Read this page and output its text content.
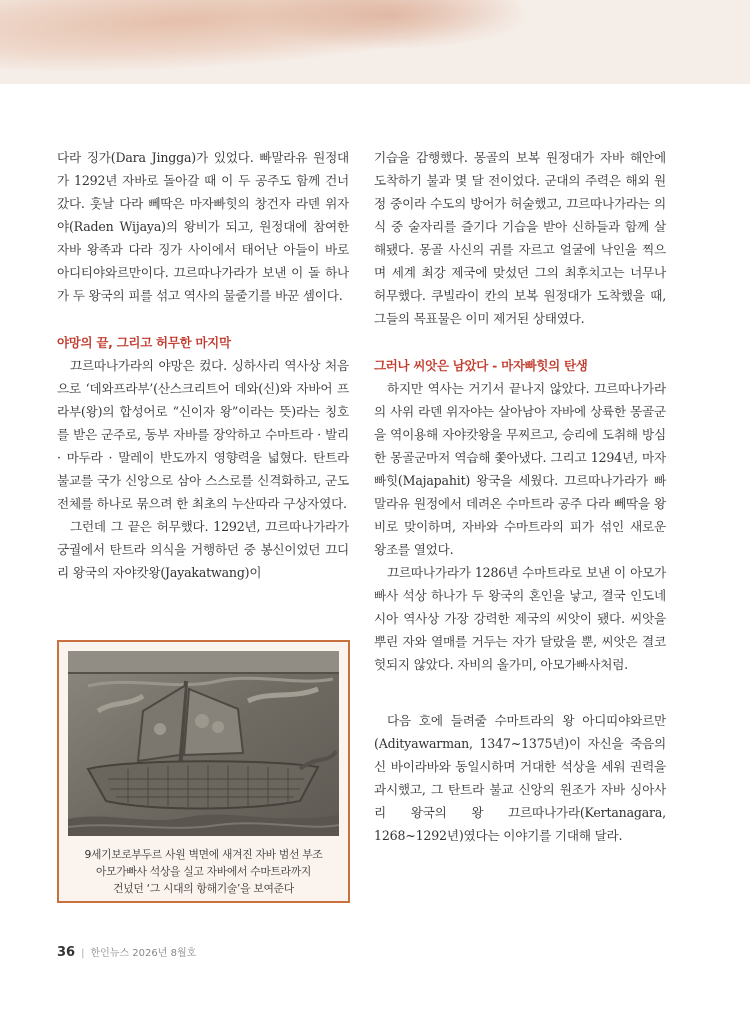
다라 징가(Dara Jingga)가 있었다. 빠말라유 원정대가 1292년 자바로 돌아갈 때 이 두 공주도 함께 건너갔다. 훗날 다라 뻬딱은 마자빠힛의 창건자 라덴 위자야(Raden Wijaya)의 왕비가 되고, 원정대에 참여한 자바 왕족과 다라 징가 사이에서 태어난 아들이 바로 아디티야와르만이다. 끄르따나가라가 보낸 이 돌 하나가 두 왕국의 피를 섞고 역사의 물줄기를 바꾼 셈이다.

야망의 끝, 그리고 허무한 마지막

끄르따나가라의 야망은 컸다. 싱하사리 역사상 처음으로 ‘데와프라부’(산스크리트어 데와(신)와 자바어 프라부(왕)의 합성어로 “신이자 왕”이라는 뜻)라는 칭호를 받은 군주로, 동부 자바를 장악하고 수마트라 · 발리 · 마두라 · 말레이 반도까지 영향력을 넓혔다. 탄트라 불교를 국가 신앙으로 삼아 스스로를 신격화하고, 군도 전체를 하나로 묶으려 한 최초의 누산따라 구상자였다.

그런데 그 끝은 허무했다. 1292년, 끄르따나가라가 궁궐에서 탄트라 의식을 거행하던 중 봉신이었던 끄디리 왕국의 자야캇왕(Jayakatwang)이

9세기보로부두르 사원 벽면에 새겨진 자바 범선 부조
아모가빠사 석상을 실고 자바에서 수마트라까지
건넜던 ‘그 시대의 항해기술’을 보여준다

기습을 감행했다. 몽골의 보복 원정대가 자바 해안에 도착하기 불과 몇 달 전이었다. 군대의 주력은 해외 원정 중이라 수도의 방어가 허술했고, 끄르따나가라는 의식 중 술자리를 즐기다 기습을 받아 신하들과 함께 살해됐다. 몽골 사신의 귀를 자르고 얼굴에 낙인을 찍으며 세계 최강 제국에 맞섰던 그의 최후치고는 너무나 허무했다. 쿠빌라이 칸의 보복 원정대가 도착했을 때, 그들의 목표물은 이미 제거된 상태였다.

그러나 씨앗은 남았다 - 마자빠힛의 탄생

하지만 역사는 거기서 끝나지 않았다. 끄르따나가라의 사위 라덴 위자야는 살아남아 자바에 상륙한 몽골군을 역이용해 자야캇왕을 무찌르고, 승리에 도취해 방심한 몽골군마저 역습해 쫓아냈다. 그리고 1294년, 마자빠힛(Majapahit) 왕국을 세웠다. 끄르따나가라가 빠말라유 원정에서 데려온 수마트라 공주 다라 뻬딱을 왕비로 맞이하며, 자바와 수마트라의 피가 섞인 새로운 왕조를 열었다.

끄르따나가라가 1286년 수마트라로 보낸 이 아모가빠사 석상 하나가 두 왕국의 혼인을 낳고, 결국 인도네시아 역사상 가장 강력한 제국의 씨앗이 됐다. 씨앗을 뿌린 자와 열매를 거두는 자가 달랐을 뿐, 씨앗은 결코 헛되지 않았다. 자비의 올가미, 아모가빠사처럼.

다음 호에 들려줄 수마트라의 왕 아디띠야와르만(Adityawarman, 1347~1375년)이 자신을 죽음의 신 바이라바와 동일시하며 거대한 석상을 세워 권력을 과시했고, 그 탄트라 불교 신앙의 원조가 자바 싱아사리 왕국의 왕 끄르따나가라(Kertanagara, 1268~1292년)였다는 이야기를 기대해 달라.

36 | 한인뉴스 2026년 8월호
